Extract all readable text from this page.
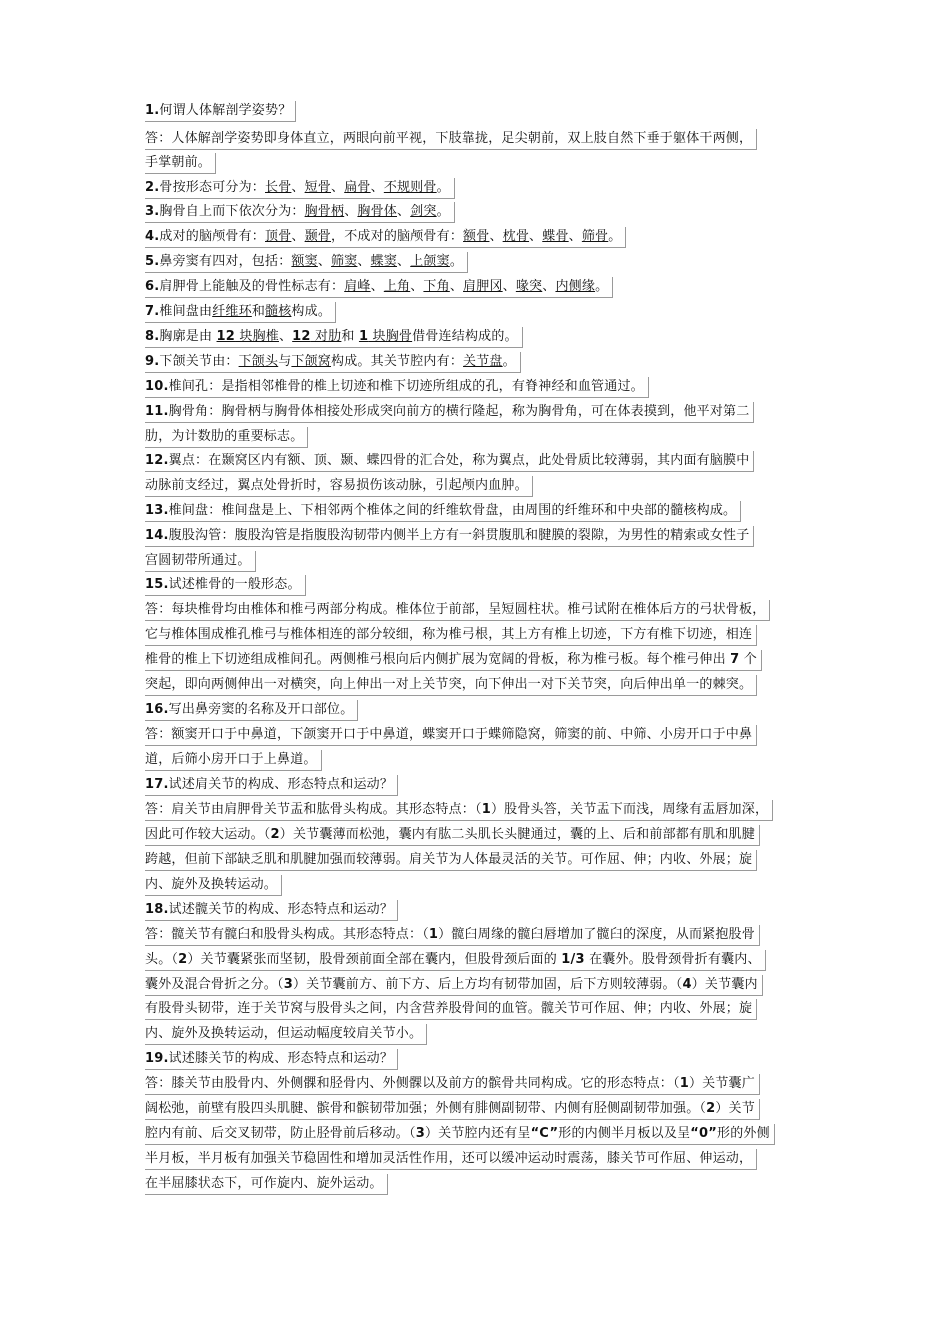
1.何谓人体解剖学姿势？
答：人体解剖学姿势即身体直立，两眼向前平视，下肢靠拢，足尖朝前，双上肢自然下垂于躯体干两侧，
手掌朝前。
2.骨按形态可分为：长骨、短骨、扁骨、不规则骨。
3.胸骨自上而下依次分为：胸骨柄、胸骨体、剑突。
4.成对的脑颅骨有：顶骨、颞骨，不成对的脑颅骨有：额骨、枕骨、蝶骨、筛骨。
5.鼻旁窦有四对，包括：额窦、筛窦、蝶窦、上颌窦。
6.肩胛骨上能触及的骨性标志有：肩峰、上角、下角、肩胛冈、喙突、内侧缘。
7.椎间盘由纤维环和髓核构成。
8.胸廓是由 12 块胸椎、12 对肋和 1 块胸骨借骨连结构成的。
9.下颌关节由：下颌头与下颌窝构成。其关节腔内有：关节盘。
10.椎间孔：是指相邻椎骨的椎上切迹和椎下切迹所组成的孔，有脊神经和血管通过。
11.胸骨角：胸骨柄与胸骨体相接处形成突向前方的横行隆起，称为胸骨角，可在体表摸到，他平对第二
肋，为计数肋的重要标志。
12.翼点：在颞窝区内有额、顶、颞、蝶四骨的汇合处，称为翼点，此处骨质比较薄弱，其内面有脑膜中
动脉前支经过，翼点处骨折时，容易损伤该动脉，引起颅内血肿。
13.椎间盘：椎间盘是上、下相邻两个椎体之间的纤维软骨盘，由周围的纤维环和中央部的髓核构成。
14.腹股沟管：腹股沟管是指腹股沟韧带内侧半上方有一斜贯腹肌和腱膜的裂隙，为男性的精索或女性子
宫圆韧带所通过。
15.试述椎骨的一般形态。
答：每块椎骨均由椎体和椎弓两部分构成。椎体位于前部，呈短圆柱状。椎弓试附在椎体后方的弓状骨板，
它与椎体围成椎孔椎弓与椎体相连的部分较细，称为椎弓根，其上方有椎上切迹，下方有椎下切迹，相连
椎骨的椎上下切迹组成椎间孔。两侧椎弓根向后内侧扩展为宽阔的骨板，称为椎弓板。每个椎弓伸出 7 个
突起，即向两侧伸出一对横突，向上伸出一对上关节突，向下伸出一对下关节突，向后伸出单一的棘突。
16.写出鼻旁窦的名称及开口部位。
答：额窦开口于中鼻道，下颌窦开口于中鼻道，蝶窦开口于蝶筛隐窝，筛窦的前、中筛、小房开口于中鼻
道，后筛小房开口于上鼻道。
17.试述肩关节的构成、形态特点和运动？
答：肩关节由肩胛骨关节盂和肱骨头构成。其形态特点：（1）股骨头答，关节盂下而浅，周缘有盂唇加深，
因此可作较大运动。（2）关节囊薄而松弛，囊内有肱二头肌长头腱通过，囊的上、后和前部都有肌和肌腱
跨越，但前下部缺乏肌和肌腱加强而较薄弱。肩关节为人体最灵活的关节。可作屈、伸；内收、外展；旋
内、旋外及换转运动。
18.试述髋关节的构成、形态特点和运动？
答：髋关节有髋臼和股骨头构成。其形态特点：（1）髋臼周缘的髋臼唇增加了髋臼的深度，从而紧抱股骨
头。（2）关节囊紧张而坚韧，股骨颈前面全部在囊内，但股骨颈后面的 1/3 在囊外。股骨颈骨折有囊内、
囊外及混合骨折之分。（3）关节囊前方、前下方、后上方均有韧带加固，后下方则较薄弱。（4）关节囊内
有股骨头韧带，连于关节窝与股骨头之间，内含营养股骨间的血管。髋关节可作屈、伸；内收、外展；旋
内、旋外及换转运动，但运动幅度较肩关节小。
19.试述膝关节的构成、形态特点和运动？
答：膝关节由股骨内、外侧髁和胫骨内、外侧髁以及前方的髌骨共同构成。它的形态特点：（1）关节囊广
阔松弛，前壁有股四头肌腱、髌骨和髌韧带加强；外侧有腓侧副韧带、内侧有胫侧副韧带加强。（2）关节
腔内有前、后交叉韧带，防止胫骨前后移动。（3）关节腔内还有呈“C”形的内侧半月板以及呈“0”形的外侧
半月板，半月板有加强关节稳固性和增加灵活性作用，还可以缓冲运动时震荡，膝关节可作屈、伸运动，
在半屈膝状态下，可作旋内、旋外运动。
